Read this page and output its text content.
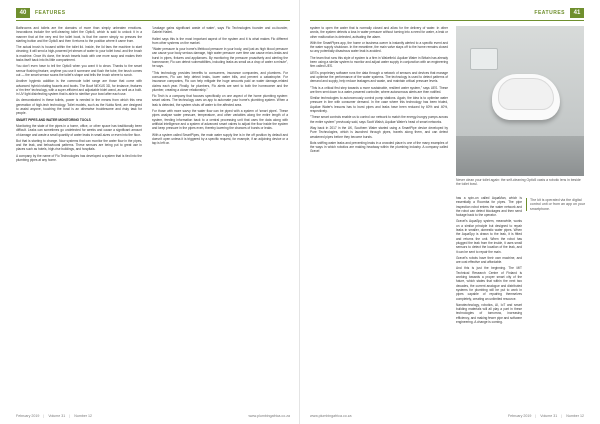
40	FEATURES

Bathrooms and toilets are the domains of more than simply unbeaten emotions. Innovations include the self-cleaning toilet the Optic5, which is said to unlock it in a manner that at the very end the toilet bowl, is that the owner simply no presses the starting button and the Optic5 and then it returns to the position where it came from.

The actual brush is housed within the toilet lid. Inside, the lid fans the machine to start cleaning; it will send a high-powered jet stream of water to your toilet bowl. and the brush is machine. Once it's done, the brush travels back with one more soap and makes their tasks itself back into its little compartment.

You don't even have to tell the Optic5 when you want it to clean. Thanks to the smart sensor flushing feature, anytime you use it someone and flush the tube, the brush comes out — the smart sensor scans the toilet's shape and tells the brush where to scrub.

Another hygienic addition is the commode toilet range are those that come with advanced hybrid rotating faucets and bowls. The Bowl NEXUS 3D, for instance, features a 'rim free' technology, with a super-efficient and adjustable bidet wand, as well as a built-in UV light disinfecting system that is able to sterilise your bowl after each use.

As demonstrated in these toilets, power is needed in the means from which this new generation of high-tech technology. Toilet models, such as the Nubia Next, are designed to assist anyone, touching the bowl is an otherwise troublesome and risky task for people.

SMART PIPES AND WATER MONITORING TOOLS

Monitoring the state of the pipes in a home, office, or other space has traditionally been difficult. Leaks can sometimes go undetected for weeks and cause a significant amount of damage and waste a small quantity of water leaks in small-sizes or even into the floor.

But that is starting to change. Now systems that can monitor the water flow in the pipes, and the leak, and behavioural patterns. These sensors are being put to great use in places such as hotels, high-rise buildings, and hospitals.

A company by the name of Flo Technologies has developed a system that is tied into the plumbing pipes at any home.

'Leakage gains significant waste of water', says Flo Technologies founder and co-founder, Gabriel Halimi.

Halimi says this is the most important aspect of the system and it is what makes Flo different from other systems on the market.

"Water pressure is your home's lifeblood pressure in your body, and just as high blood pressure can cause your body serious damage, high water pressure over time can cause micro-leaks and burst in pipes, fixtures and appliances. By monitoring the pressure proactively and alerting the homeowner, Flo can detect vulnerabilities, including leaks as small as a drop of water a minute", he says.

"This technology provides benefits to consumers, insurance companies, and plumbers. For consumers, Flo can help detect leaks, lower water bills, and prevent a catastrophe. For insurance companies, Flo can help mitigate the huge amounts paid on water damage-related claims each year. Finally, for plumbers, Flo alerts are sent to both the homeowner and the plumber, creating a closer relationship."

Flo Tech is a company that focuses specifically on one aspect of the home plumbing system: smart valves. The technology uses an app to automate your home's plumbing system. When a leak is detected, the system shuts off water to the affected area.

For those with more savvy the water flow can be piped with a system of 'smart pipes'. These pipes analyse water pressure, temperature, and other variables along the entire length of a system, feeding information back to a central processing unit that uses the data along with artificial intelligence and a system of advanced smart valves to adjust the flow inside the system and keep pressure in the pipes even, thereby lowering the chances of bursts or leaks.

With a system called SmartPipes, the main water supply line is in the off position by default and doesn't open unless it is triggered by a specific request, for example, if an adjoining device or a tap is left on.

February 2019 | Volume 31 | Number 12	www.plumbingafrica.co.za
41
FEATURES

system to open the water that is normally closed and allow for the delivery of water. In other words, the system detects a loss in water pressure without turning into a need for water, a leak or other malfunction is detected, activating the alarm.

With the SmartPipes app, the home or business owner is instantly alerted to a specific event and the water supply shutdown. In the meantime, the main valve stays off to the home remains closed so any potentially disastrous water leak is avoided.

The team that runs this style of system is a firm in Wakefield. Aquilae Water in Britain has already been using a similar system to monitor and adjust water supply in conjunction with an engineering firm called UES.

UES's proprietary software runs the data through a network of sensors and devices that manage and optimise the performance of the water systems. The technology is used to detect patterns of demand and supply, help reduce leakages and waste, and maintain critical pressure levels.

"This is a critical first step towards a more sustainable, resilient water system," says UES. These are then sent down to a water-powered controller, where autonomous alerts are then notified.

Similar technologies to autonomously control pump stations. Again, the idea is to optimise water pressure in line with consumer demand. In the case where this technology has been trialed, Aquilae Water's lessons has to burst pipes and leaks have been reduced by 60% and 40%, respectively.

"These smart controls enable us to control our network to match the energy-hungry pumps across the entire system" previously said, says Scott Walsh, Aquilae Water's head of smart networks.

Way back in 2017 in the UK, Southern Water started using a SmartPipe device developed by Pure Technologies, which is launched through pipes, travels along them, and can detect weakened pipes before they become bursts.

Bots sniffing water leaks and preventing leaks in a crowded place is one of the many examples of the ways in which robotics are making headway within the plumbing industry. A company called Gravel

Never clean your toilet again: the self-cleaning Optic5 casts a robotic lens in beside the toilet bowl.

has a spin-on called AquaMan, which is essentially a Roomba for pipes. The pipe inspection robot enters the water network and the robot can detect blockages and then send footage back to the operator.

Gravel's AquaSpy system, meanwhile, works on a similar principle but designed to repair leaks in smaller, domestic water pipes. When the AquaSpy is drawn to the leak, it is fitted and returns the unit. When the robot has plugged the leak from the inside, it uses small sensors to detect the location of the leak, and it can be sent to repair the main.

Gravel's robots have their own machine, and are cost effective and affordable.

And this is just the beginning. The MIT Technical Research Centre of Finland is working towards a proper smart city of the future, which states that within the next two decades, the current analogue and distributed systems for plumbing will be put to work in pipes capable of repairing themselves completely, creating an unlimited resource.

Nanotechnology, robotics, AI, IoT and smart building materials will all play a part in these technologies of tomorrow, increasing efficiency, and making fewer pipe and software engineering. A change is coming.

The kit is operated via the digital control unit or from an app on your smartphone.
www.plumbingafrica.co.za	February 2019 | Volume 31 | Number 12
